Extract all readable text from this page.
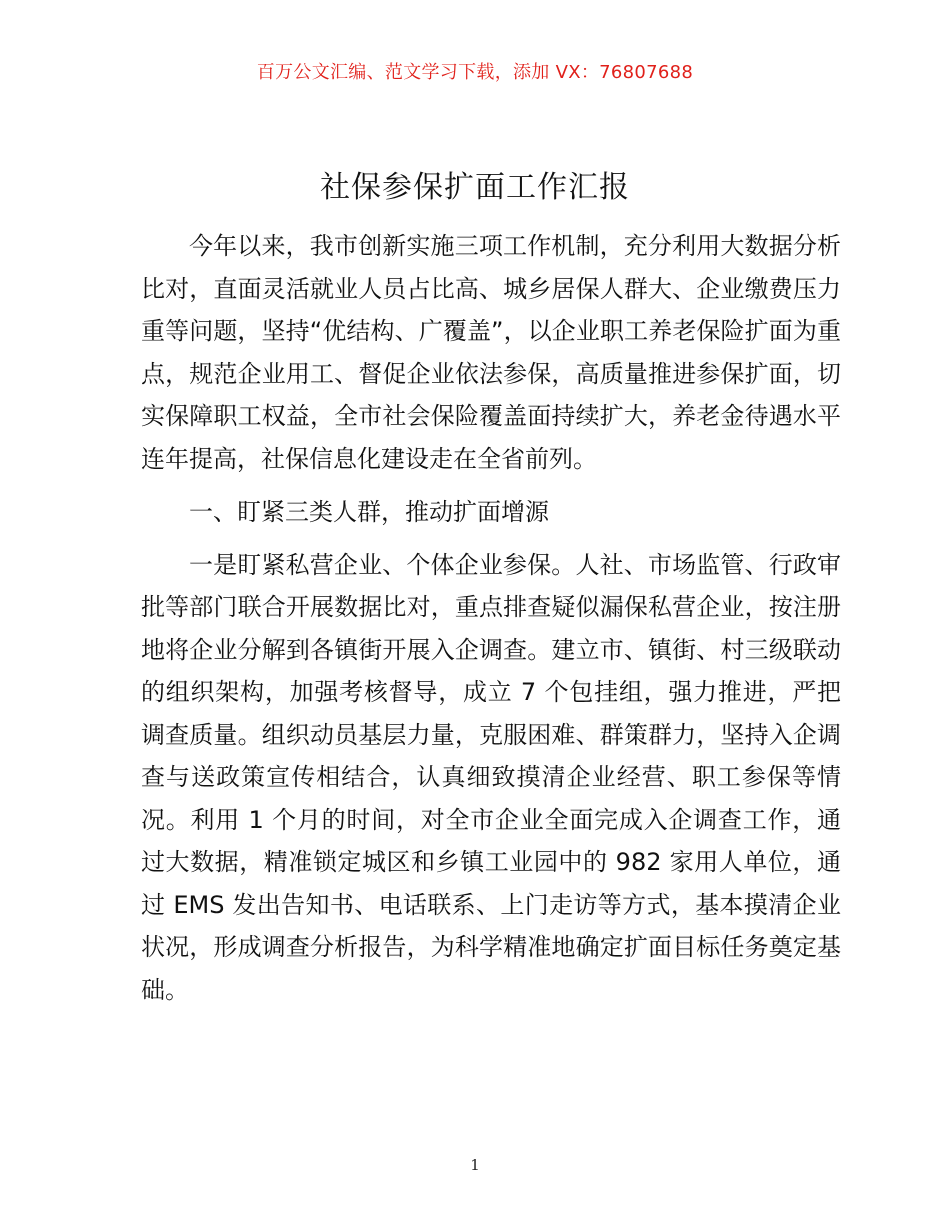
百万公文汇编、范文学习下载，添加 VX：76807688
社保参保扩面工作汇报

今年以来，我市创新实施三项工作机制，充分利用大数据分析比对，直面灵活就业人员占比高、城乡居保人群大、企业缴费压力重等问题，坚持“优结构、广覆盖”，以企业职工养老保险扩面为重点，规范企业用工、督促企业依法参保，高质量推进参保扩面，切实保障职工权益，全市社会保险覆盖面持续扩大，养老金待遇水平连年提高，社保信息化建设走在全省前列。

一、盯紧三类人群，推动扩面增源

一是盯紧私营企业、个体企业参保。人社、市场监管、行政审批等部门联合开展数据比对，重点排查疑似漏保私营企业，按注册地将企业分解到各镇街开展入企调查。建立市、镇街、村三级联动的组织架构，加强考核督导，成立 7 个包挂组，强力推进，严把调查质量。组织动员基层力量，克服困难、群策群力，坚持入企调查与送政策宣传相结合，认真细致摸清企业经营、职工参保等情况。利用 1 个月的时间，对全市企业全面完成入企调查工作，通过大数据，精准锁定城区和乡镇工业园中的 982 家用人单位，通过 EMS 发出告知书、电话联系、上门走访等方式，基本摸清企业状况，形成调查分析报告，为科学精准地确定扩面目标任务奠定基础。

1
